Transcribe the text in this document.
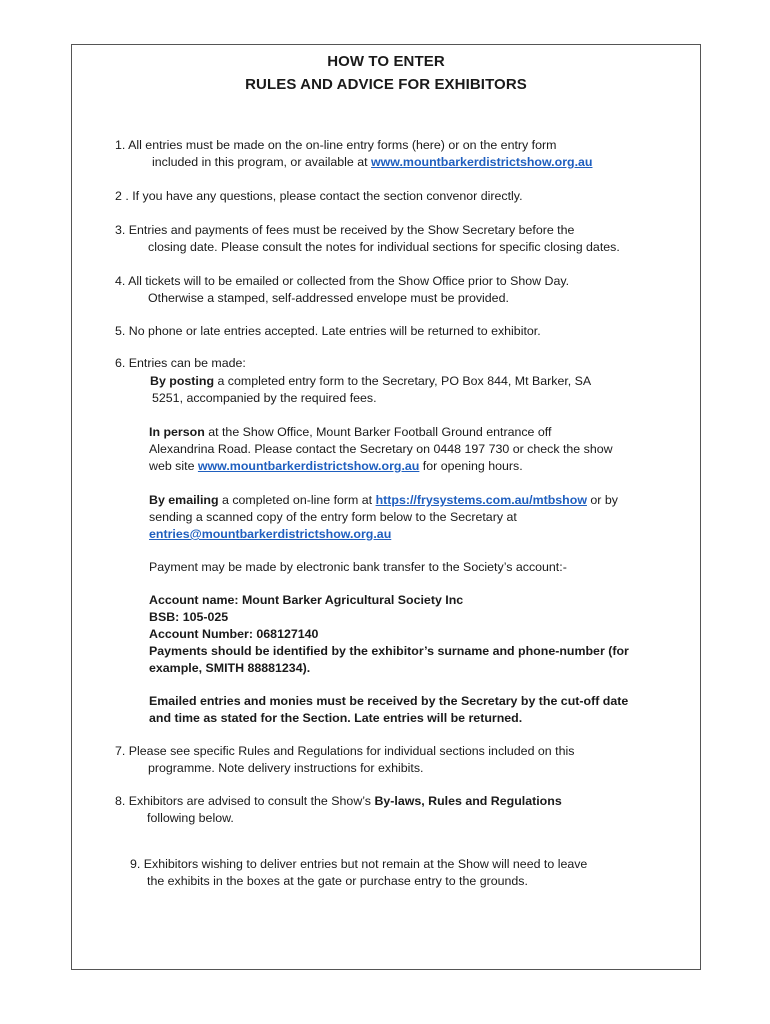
HOW TO ENTER
RULES AND ADVICE FOR EXHIBITORS
1. All entries must be made on the on-line entry forms (here) or on the entry form
included in this program, or available at www.mountbarkerdistrictshow.org.au
2 . If you have any questions, please contact the section convenor directly.
3. Entries and payments of fees must be received by the Show Secretary before the
closing date. Please consult the notes for individual sections for specific closing dates.
4. All tickets will to be emailed or collected from the Show Office prior to Show Day.
Otherwise a stamped, self-addressed envelope must be provided.
5. No phone or late entries accepted. Late entries will be returned to exhibitor.
6. Entries can be made:
By posting a completed entry form to the Secretary, PO Box 844, Mt Barker, SA
5251, accompanied by the required fees.
In person at the Show Office, Mount Barker Football Ground entrance off
Alexandrina Road. Please contact the Secretary on 0448 197 730 or check the show
web site www.mountbarkerdistrictshow.org.au for opening hours.
By emailing a completed on-line form at https://frysystems.com.au/mtbshow or by
sending a scanned copy of the entry form below to the Secretary at
entries@mountbarkerdistrictshow.org.au
Payment may be made by electronic bank transfer to the Society’s account:-
Account name: Mount Barker Agricultural Society Inc
BSB: 105-025
Account Number: 068127140
Payments should be identified by the exhibitor’s surname and phone-number (for
example, SMITH 88881234).
Emailed entries and monies must be received by the Secretary by the cut-off date
and time as stated for the Section. Late entries will be returned.
7. Please see specific Rules and Regulations for individual sections included on this
programme. Note delivery instructions for exhibits.
8. Exhibitors are advised to consult the Show’s By-laws, Rules and Regulations
following below.
9. Exhibitors wishing to deliver entries but not remain at the Show will need to leave
the exhibits in the boxes at the gate or purchase entry to the grounds.
